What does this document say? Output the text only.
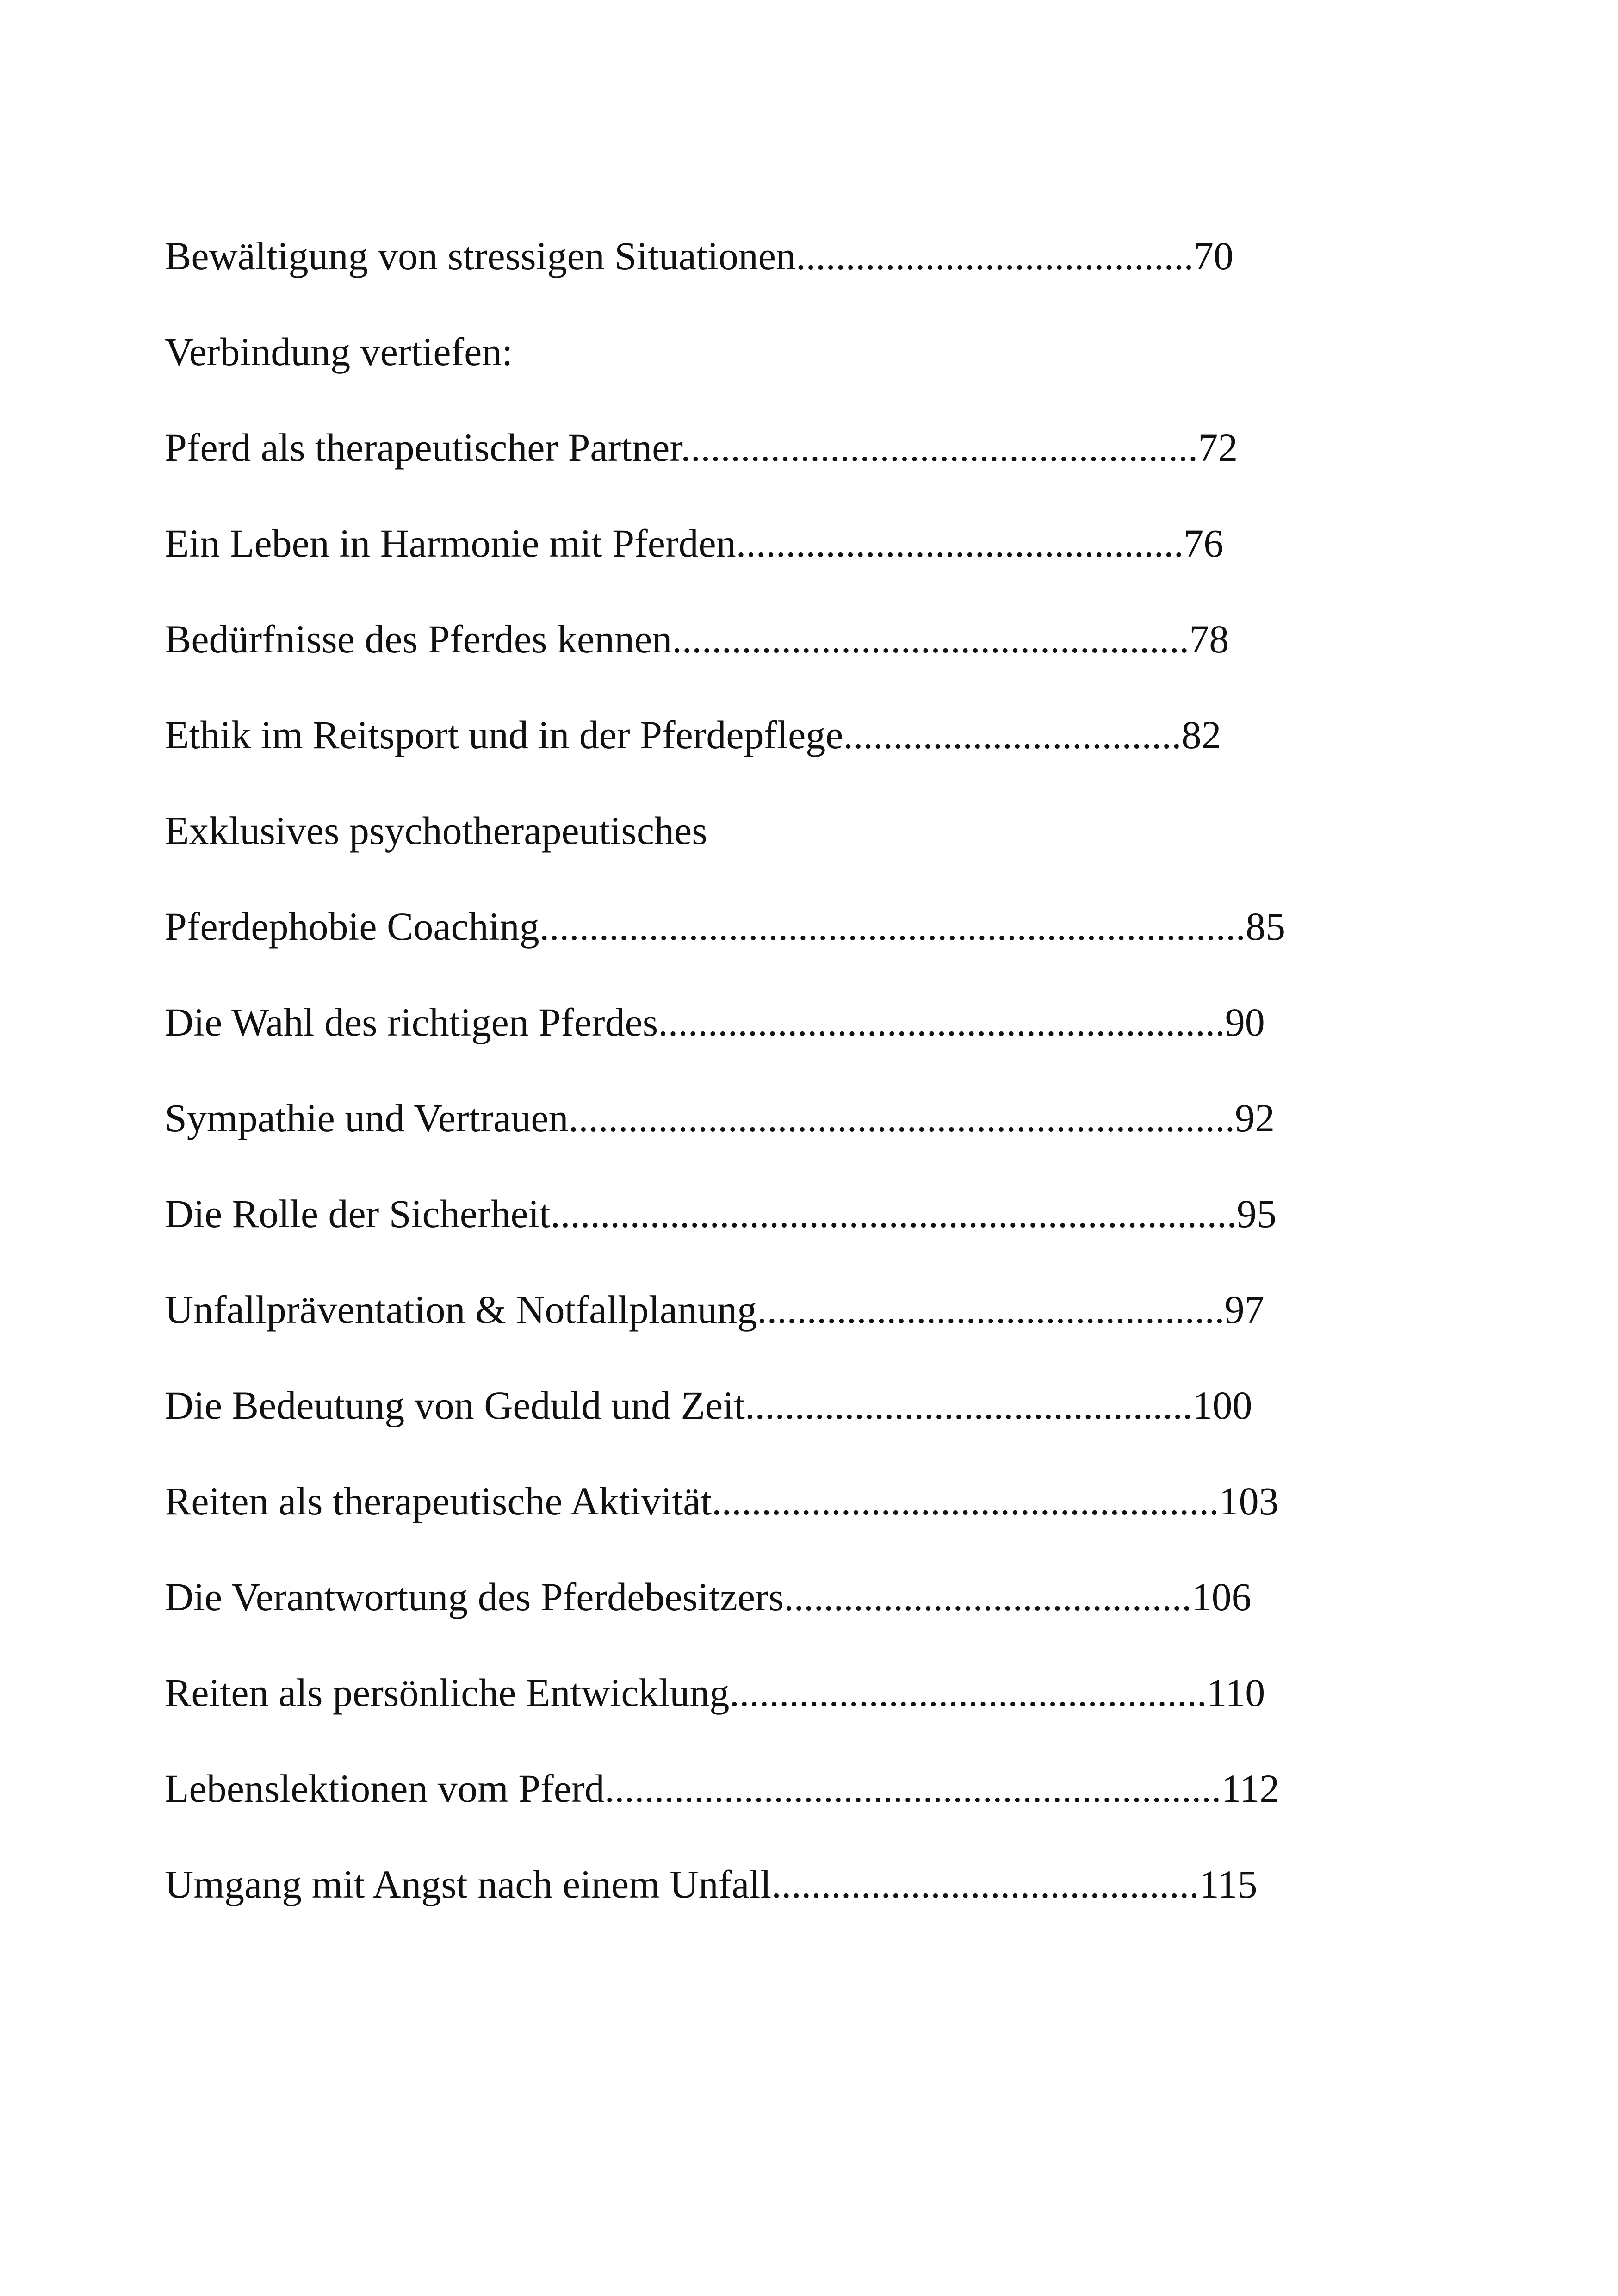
Bewältigung von stressigen Situationen........................................70
Verbindung vertiefen:
Pferd als therapeutischer Partner....................................................72
Ein Leben in Harmonie mit Pferden.............................................76
Bedürfnisse des Pferdes kennen....................................................78
Ethik im Reitsport und in der Pferdepflege..................................82
Exklusives psychotherapeutisches
Pferdephobie Coaching.......................................................................85
Die Wahl des richtigen Pferdes.........................................................90
Sympathie und Vertrauen...................................................................92
Die Rolle der Sicherheit.....................................................................95
Unfallpräventation & Notfallplanung...............................................97
Die Bedeutung von Geduld und Zeit.............................................100
Reiten als therapeutische Aktivität...................................................103
Die Verantwortung des Pferdebesitzers.........................................106
Reiten als persönliche Entwicklung................................................110
Lebenslektionen vom Pferd..............................................................112
Umgang mit Angst nach einem Unfall...........................................115
